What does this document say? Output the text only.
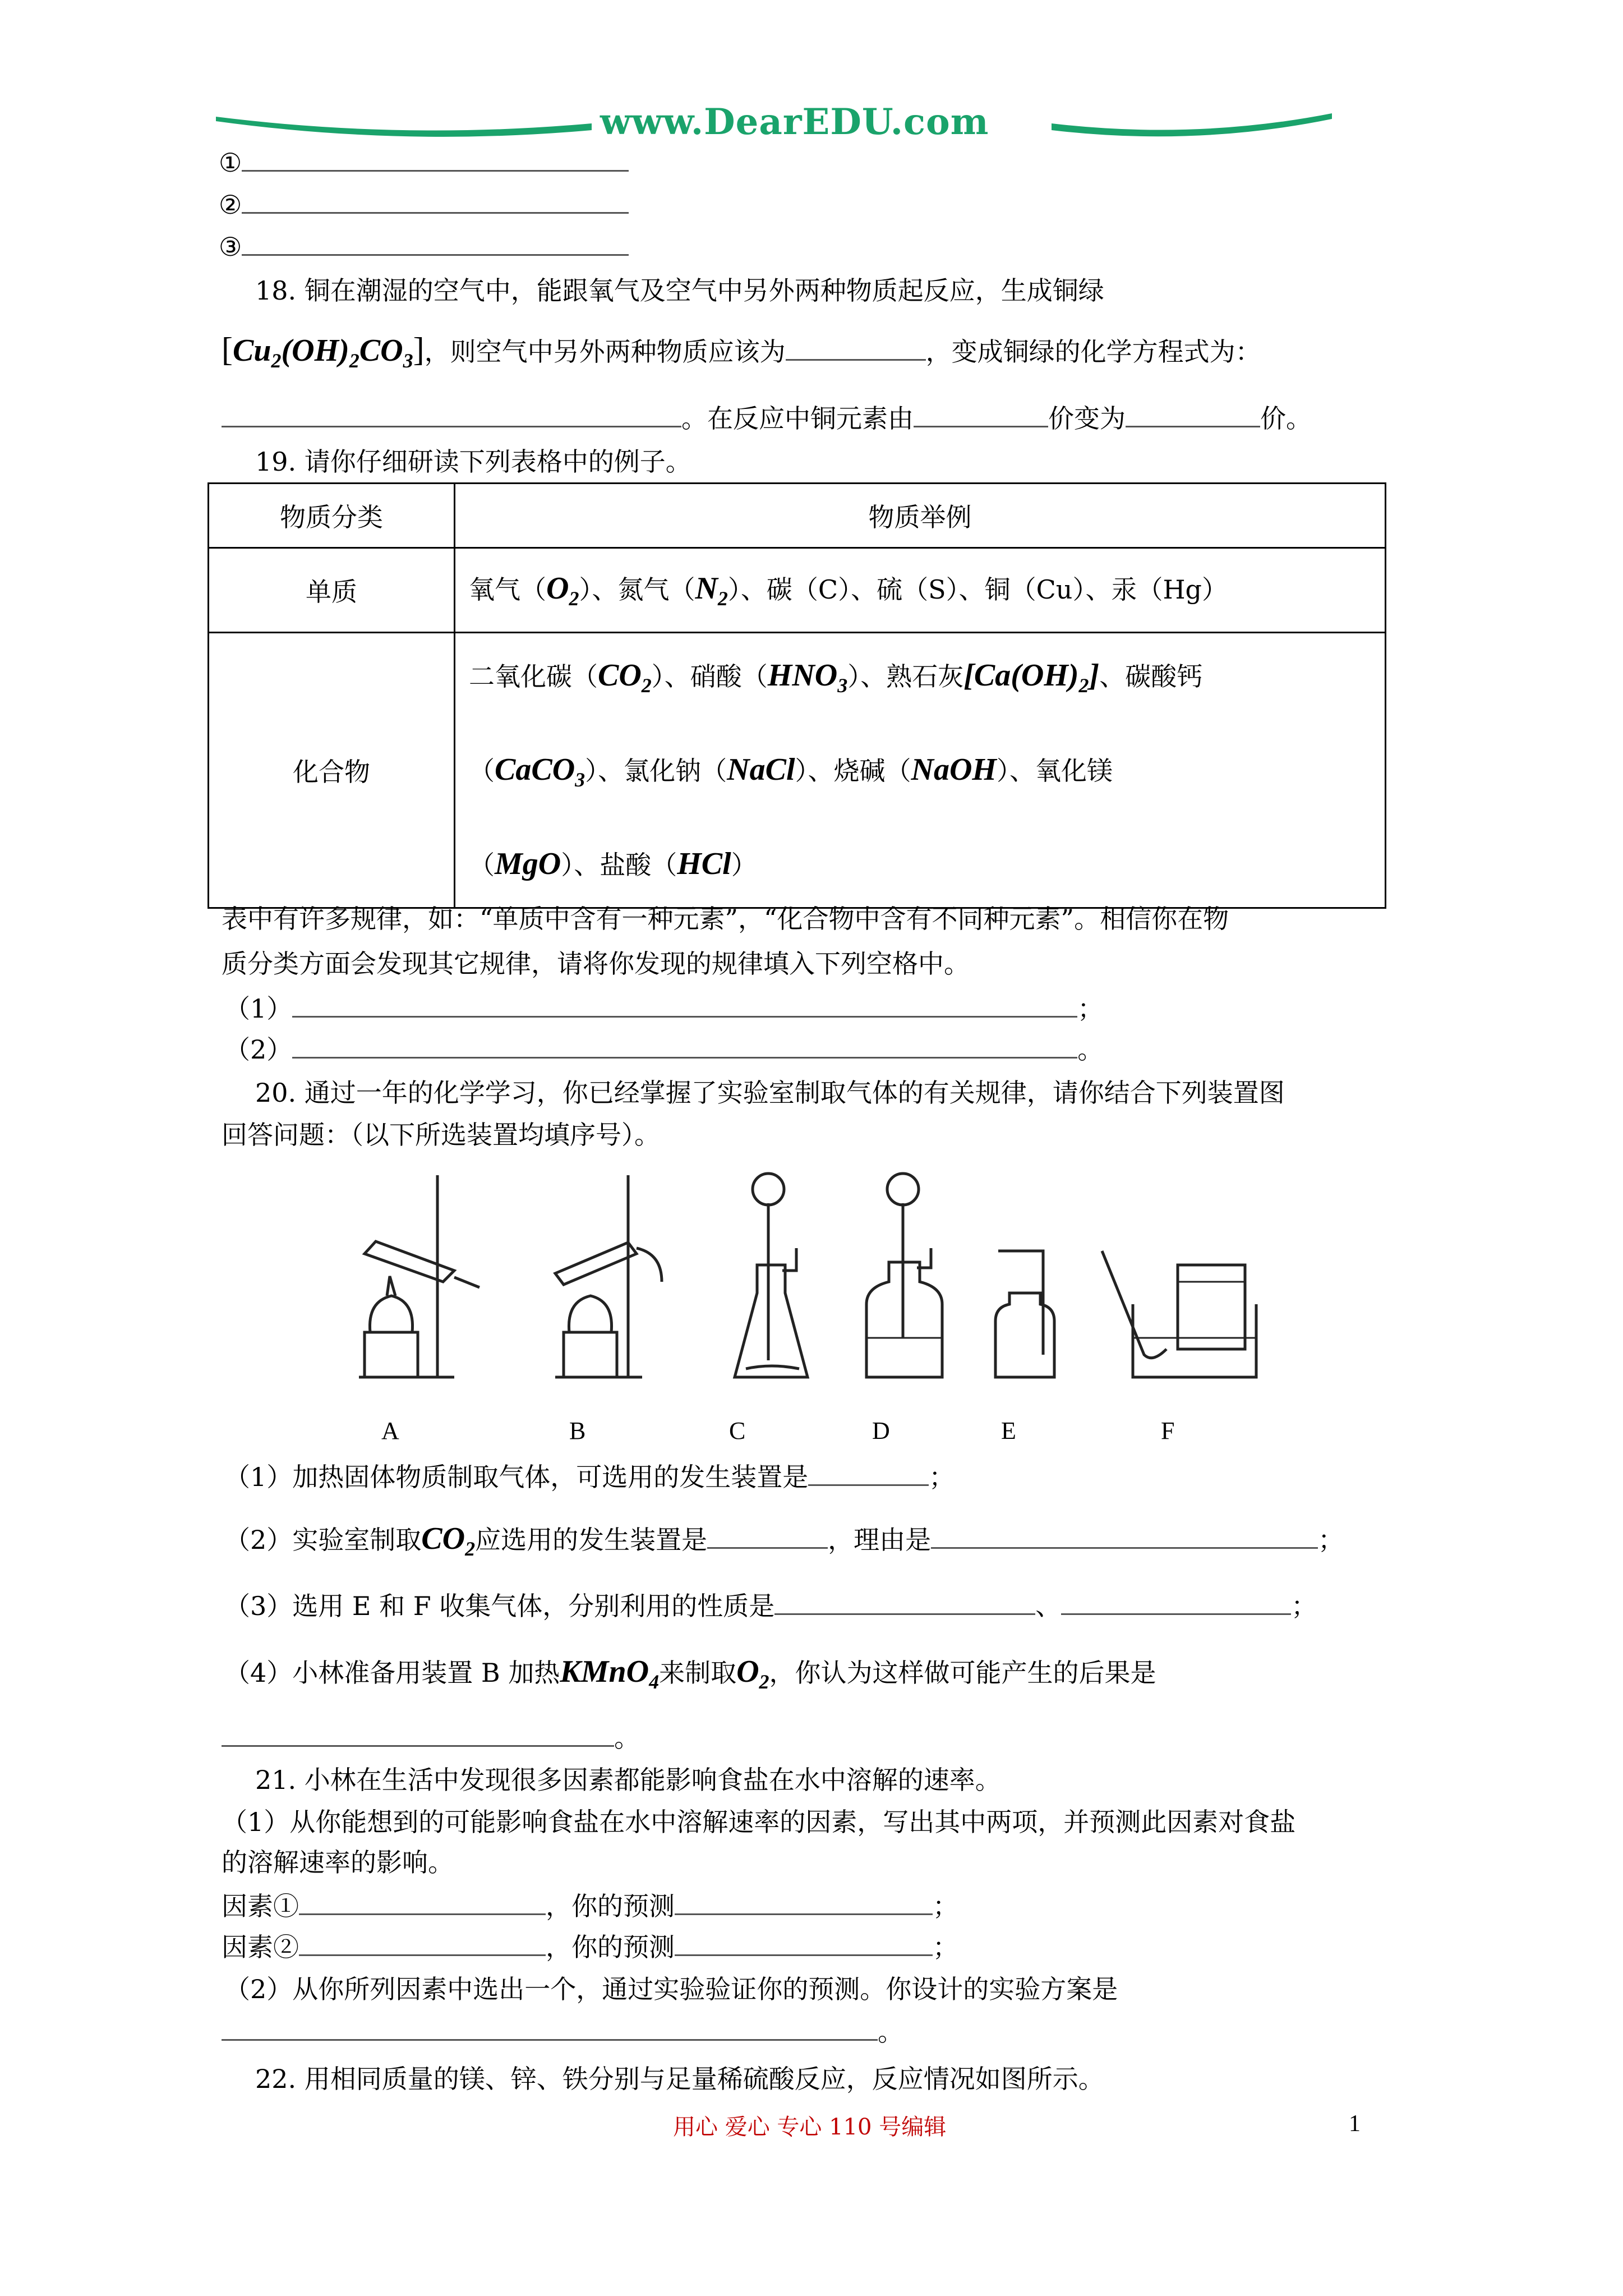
www.DearEDU.com
①
②
③
18. 铜在潮湿的空气中，能跟氧气及空气中另外两种物质起反应，生成铜绿
$[Cu_2(OH)_2CO_3]$，则空气中另外两种物质应该为	，变成铜绿的化学方程式为：
。在反应中铜元素由	价变为	价。
19. 请你仔细研读下列表格中的例子。
物质分类	物质举例
单质	氧气$(O_2)$、氮气$(N_2)$、碳（C）、硫（S）、铜（Cu）、汞（Hg）
化合物	二氧化碳$(CO_2)$、硝酸$(HNO_3)$、熟石灰$[Ca(OH)_2]$、碳酸钙
（CaCO$_3$）、氯化钠（NaCl）、烧碱（NaOH）、氧化镁
（MgO）、盐酸（HCl）
表中有许多规律，如：“单质中含有一种元素”，“化合物中含有不同种元素”。相信你在物
质分类方面会发现其它规律，请将你发现的规律填入下列空格中。
（1）	；
（2）	。
20. 通过一年的化学学习，你已经掌握了实验室制取气体的有关规律，请你结合下列装置图
回答问题：（以下所选装置均填序号）。
A	B	C	D	E	F
（1）加热固体物质制取气体，可选用的发生装置是	；
（2）实验室制取$CO_2$应选用的发生装置是	，理由是	；
（3）选用 E 和 F 收集气体，分别利用的性质是	、	；
（4）小林准备用装置 B 加热KMnO$_4$来制取$O_2$，你认为这样做可能产生的后果是
。
21. 小林在生活中发现很多因素都能影响食盐在水中溶解的速率。
（1）从你能想到的可能影响食盐在水中溶解速率的因素，写出其中两项，并预测此因素对食盐
的溶解速率的影响。
因素①	，你的预测	；
因素②	，你的预测	；
（2）从你所列因素中选出一个，通过实验验证你的预测。你设计的实验方案是
。
22. 用相同质量的镁、锌、铁分别与足量稀硫酸反应，反应情况如图所示。
用心 爱心 专心 110 号编辑	1
